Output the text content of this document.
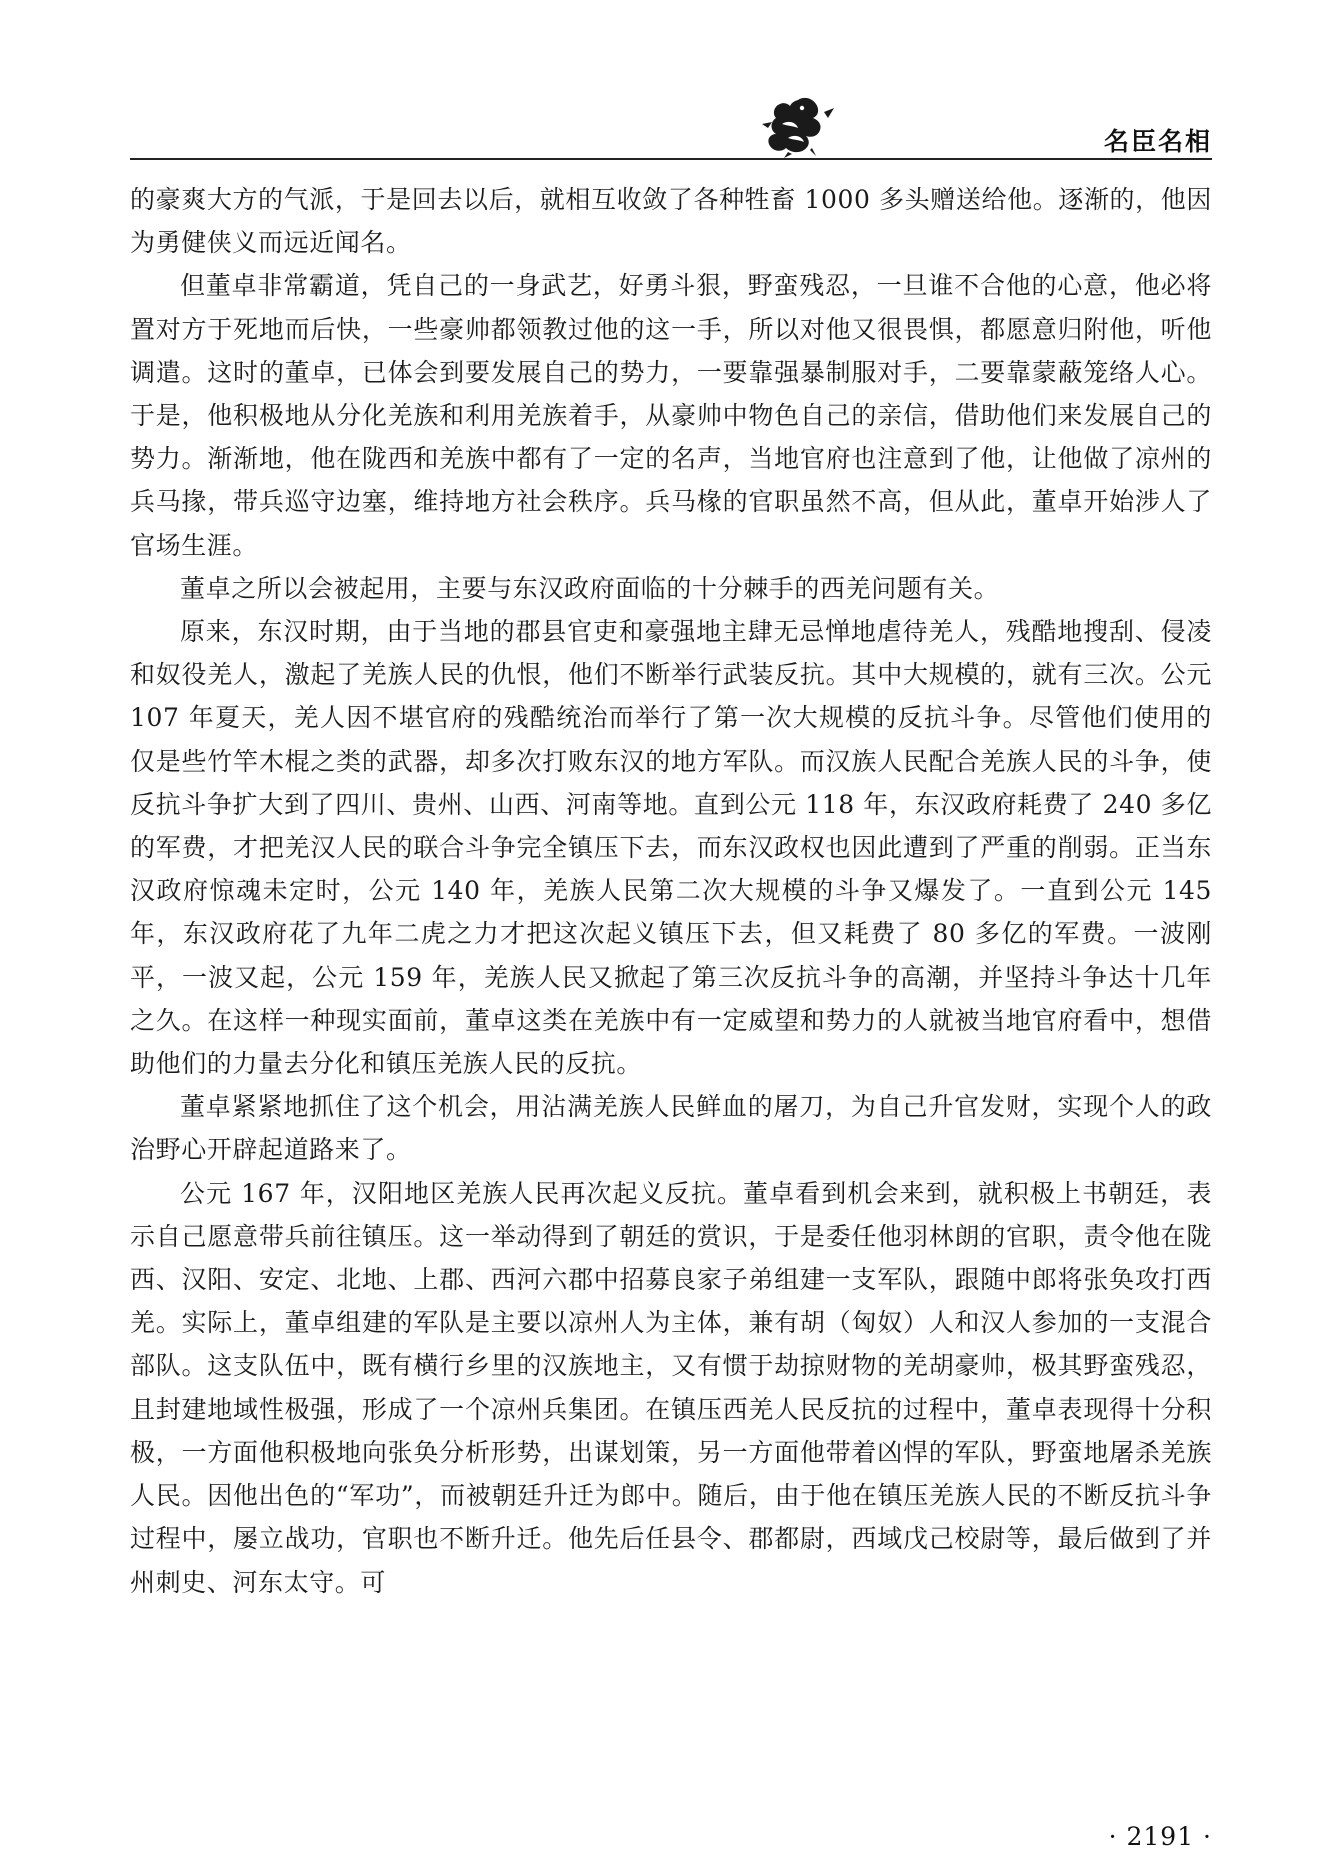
名臣名相

的豪爽大方的气派，于是回去以后，就相互收敛了各种牲畜 1000 多头赠送给他。逐渐的，他因为勇健侠义而远近闻名。

但董卓非常霸道，凭自己的一身武艺，好勇斗狠，野蛮残忍，一旦谁不合他的心意，他必将置对方于死地而后快，一些豪帅都领教过他的这一手，所以对他又很畏惧，都愿意归附他，听他调遣。这时的董卓，已体会到要发展自己的势力，一要靠强暴制服对手，二要靠蒙蔽笼络人心。于是，他积极地从分化羌族和利用羌族着手，从豪帅中物色自己的亲信，借助他们来发展自己的势力。渐渐地，他在陇西和羌族中都有了一定的名声，当地官府也注意到了他，让他做了凉州的兵马掾，带兵巡守边塞，维持地方社会秩序。兵马椽的官职虽然不高，但从此，董卓开始涉人了官场生涯。

董卓之所以会被起用，主要与东汉政府面临的十分棘手的西羌问题有关。

原来，东汉时期，由于当地的郡县官吏和豪强地主肆无忌惮地虐待羌人，残酷地搜刮、侵凌和奴役羌人，激起了羌族人民的仇恨，他们不断举行武装反抗。其中大规模的，就有三次。公元 107 年夏天，羌人因不堪官府的残酷统治而举行了第一次大规模的反抗斗争。尽管他们使用的仅是些竹竿木棍之类的武器，却多次打败东汉的地方军队。而汉族人民配合羌族人民的斗争，使反抗斗争扩大到了四川、贵州、山西、河南等地。直到公元 118 年，东汉政府耗费了 240 多亿的军费，才把羌汉人民的联合斗争完全镇压下去，而东汉政权也因此遭到了严重的削弱。正当东汉政府惊魂未定时，公元 140 年，羌族人民第二次大规模的斗争又爆发了。一直到公元 145 年，东汉政府花了九年二虎之力才把这次起义镇压下去，但又耗费了 80 多亿的军费。一波刚平，一波又起，公元 159 年，羌族人民又掀起了第三次反抗斗争的高潮，并坚持斗争达十几年之久。在这样一种现实面前，董卓这类在羌族中有一定威望和势力的人就被当地官府看中，想借助他们的力量去分化和镇压羌族人民的反抗。

董卓紧紧地抓住了这个机会，用沾满羌族人民鲜血的屠刀，为自己升官发财，实现个人的政治野心开辟起道路来了。

公元 167 年，汉阳地区羌族人民再次起义反抗。董卓看到机会来到，就积极上书朝廷，表示自己愿意带兵前往镇压。这一举动得到了朝廷的赏识，于是委任他羽林朗的官职，责令他在陇西、汉阳、安定、北地、上郡、西河六郡中招募良家子弟组建一支军队，跟随中郎将张奂攻打西羌。实际上，董卓组建的军队是主要以凉州人为主体，兼有胡（匈奴）人和汉人参加的一支混合部队。这支队伍中，既有横行乡里的汉族地主，又有惯于劫掠财物的羌胡豪帅，极其野蛮残忍，且封建地域性极强，形成了一个凉州兵集团。在镇压西羌人民反抗的过程中，董卓表现得十分积极，一方面他积极地向张奂分析形势，出谋划策，另一方面他带着凶悍的军队，野蛮地屠杀羌族人民。因他出色的“军功”，而被朝廷升迁为郎中。随后，由于他在镇压羌族人民的不断反抗斗争过程中，屡立战功，官职也不断升迁。他先后任县令、郡都尉，西域戊己校尉等，最后做到了并州刺史、河东太守。可

· 2191 ·
